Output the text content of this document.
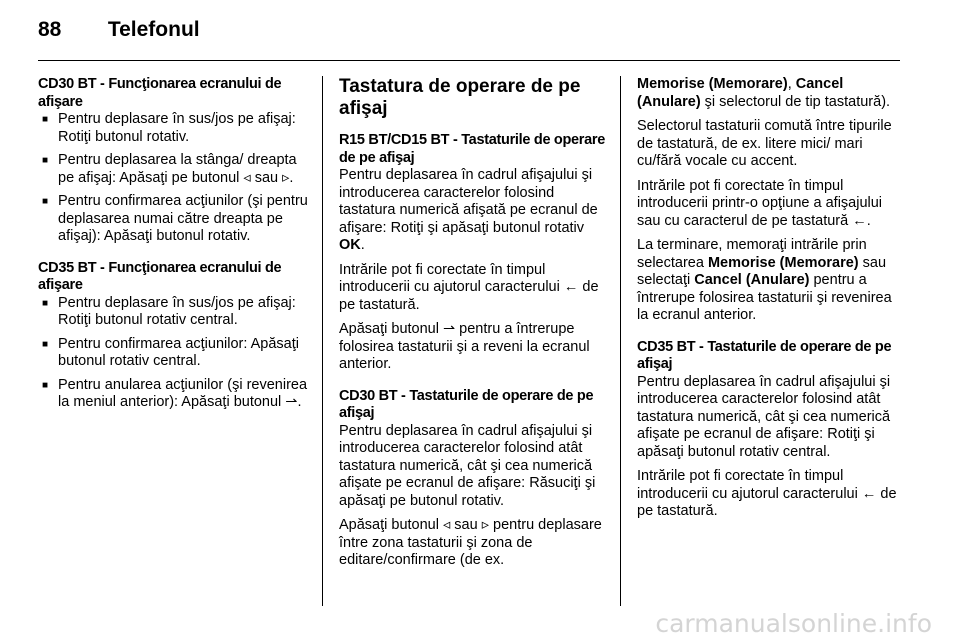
88 Telefonul

CD30 BT - Funcţionarea ecranului de afişare

■ Pentru deplasare în sus/jos pe afişaj: Rotiţi butonul rotativ.
■ Pentru deplasarea la stânga/ dreapta pe afişaj: Apăsaţi pe butonul ◃ sau ▹.
■ Pentru confirmarea acţiunilor (şi pentru deplasarea numai către dreapta pe afişaj): Apăsaţi butonul rotativ.

CD35 BT - Funcţionarea ecranului de afişare

■ Pentru deplasare în sus/jos pe afişaj: Rotiţi butonul rotativ central.
■ Pentru confirmarea acţiunilor: Apăsaţi butonul rotativ central.
■ Pentru anularea acţiunilor (şi revenirea la meniul anterior): Apăsaţi butonul ⇀.

Tastatura de operare de pe afişaj

R15 BT/CD15 BT - Tastaturile de operare de pe afişaj

Pentru deplasarea în cadrul afişajului şi introducerea caracterelor folosind tastatura numerică afişată pe ecranul de afişare: Rotiţi şi apăsaţi butonul rotativ OK.

Intrările pot fi corectate în timpul introducerii cu ajutorul caracterului ← de pe tastatură.

Apăsaţi butonul ⇀ pentru a întrerupe folosirea tastaturii şi a reveni la ecranul anterior.

CD30 BT - Tastaturile de operare de pe afişaj

Pentru deplasarea în cadrul afişajului şi introducerea caracterelor folosind atât tastatura numerică, cât şi cea numerică afişate pe ecranul de afişare: Răsuciţi şi apăsaţi pe butonul rotativ.

Apăsaţi butonul ◃ sau ▹ pentru deplasare între zona tastaturii şi zona de editare/confirmare (de ex.

Memorise (Memorare), Cancel (Anulare) şi selectorul de tip tastatură).

Selectorul tastaturii comută între tipurile de tastatură, de ex. litere mici/ mari cu/fără vocale cu accent.

Intrările pot fi corectate în timpul introducerii printr-o opţiune a afişajului sau cu caracterul de pe tastatură ←.

La terminare, memoraţi intrările prin selectarea Memorise (Memorare) sau selectaţi Cancel (Anulare) pentru a întrerupe folosirea tastaturii şi revenirea la ecranul anterior.

CD35 BT - Tastaturile de operare de pe afişaj

Pentru deplasarea în cadrul afişajului şi introducerea caracterelor folosind atât tastatura numerică, cât şi cea numerică afişate pe ecranul de afişare: Rotiţi şi apăsaţi butonul rotativ central.

Intrările pot fi corectate în timpul introducerii cu ajutorul caracterului ← de pe tastatură.

carmanualsonline.info
